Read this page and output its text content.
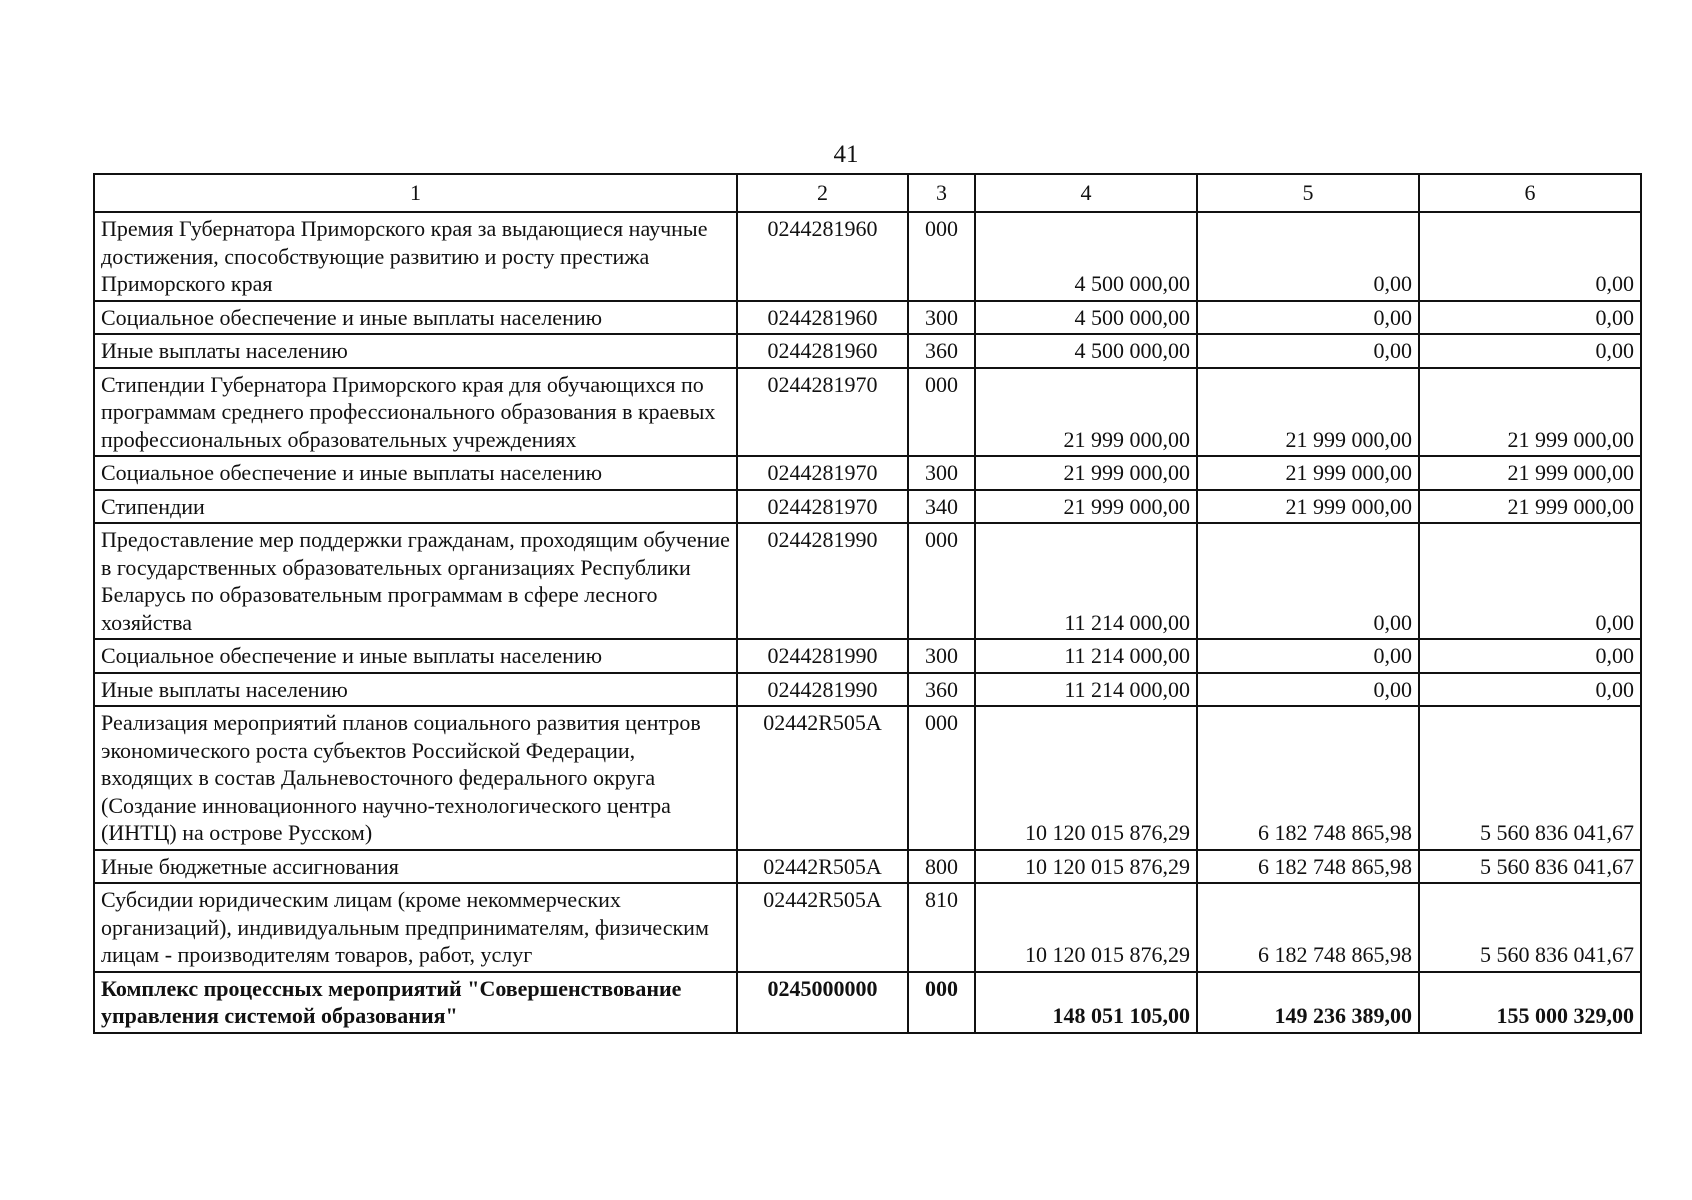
41
1	2	3	4	5	6
Премия Губернатора Приморского края за выдающиеся научные достижения, способствующие развитию и росту престижа Приморского края	0244281960	000	4 500 000,00	0,00	0,00
Социальное обеспечение и иные выплаты населению	0244281960	300	4 500 000,00	0,00	0,00
Иные выплаты населению	0244281960	360	4 500 000,00	0,00	0,00
Стипендии Губернатора Приморского края для обучающихся по программам среднего профессионального образования в краевых профессиональных образовательных учреждениях	0244281970	000	21 999 000,00	21 999 000,00	21 999 000,00
Социальное обеспечение и иные выплаты населению	0244281970	300	21 999 000,00	21 999 000,00	21 999 000,00
Стипендии	0244281970	340	21 999 000,00	21 999 000,00	21 999 000,00
Предоставление мер поддержки гражданам, проходящим обучение в государственных образовательных организациях Республики Беларусь по образовательным программам в сфере лесного хозяйства	0244281990	000	11 214 000,00	0,00	0,00
Социальное обеспечение и иные выплаты населению	0244281990	300	11 214 000,00	0,00	0,00
Иные выплаты населению	0244281990	360	11 214 000,00	0,00	0,00
Реализация мероприятий планов социального развития центров экономического роста субъектов Российской Федерации, входящих в состав Дальневосточного федерального округа (Создание инновационного научно-технологического центра (ИНТЦ) на острове Русском)	02442R505A	000	10 120 015 876,29	6 182 748 865,98	5 560 836 041,67
Иные бюджетные ассигнования	02442R505A	800	10 120 015 876,29	6 182 748 865,98	5 560 836 041,67
Субсидии юридическим лицам (кроме некоммерческих организаций), индивидуальным предпринимателям, физическим лицам - производителям товаров, работ, услуг	02442R505A	810	10 120 015 876,29	6 182 748 865,98	5 560 836 041,67
Комплекс процессных мероприятий "Совершенствование управления системой образования"	0245000000	000	148 051 105,00	149 236 389,00	155 000 329,00
